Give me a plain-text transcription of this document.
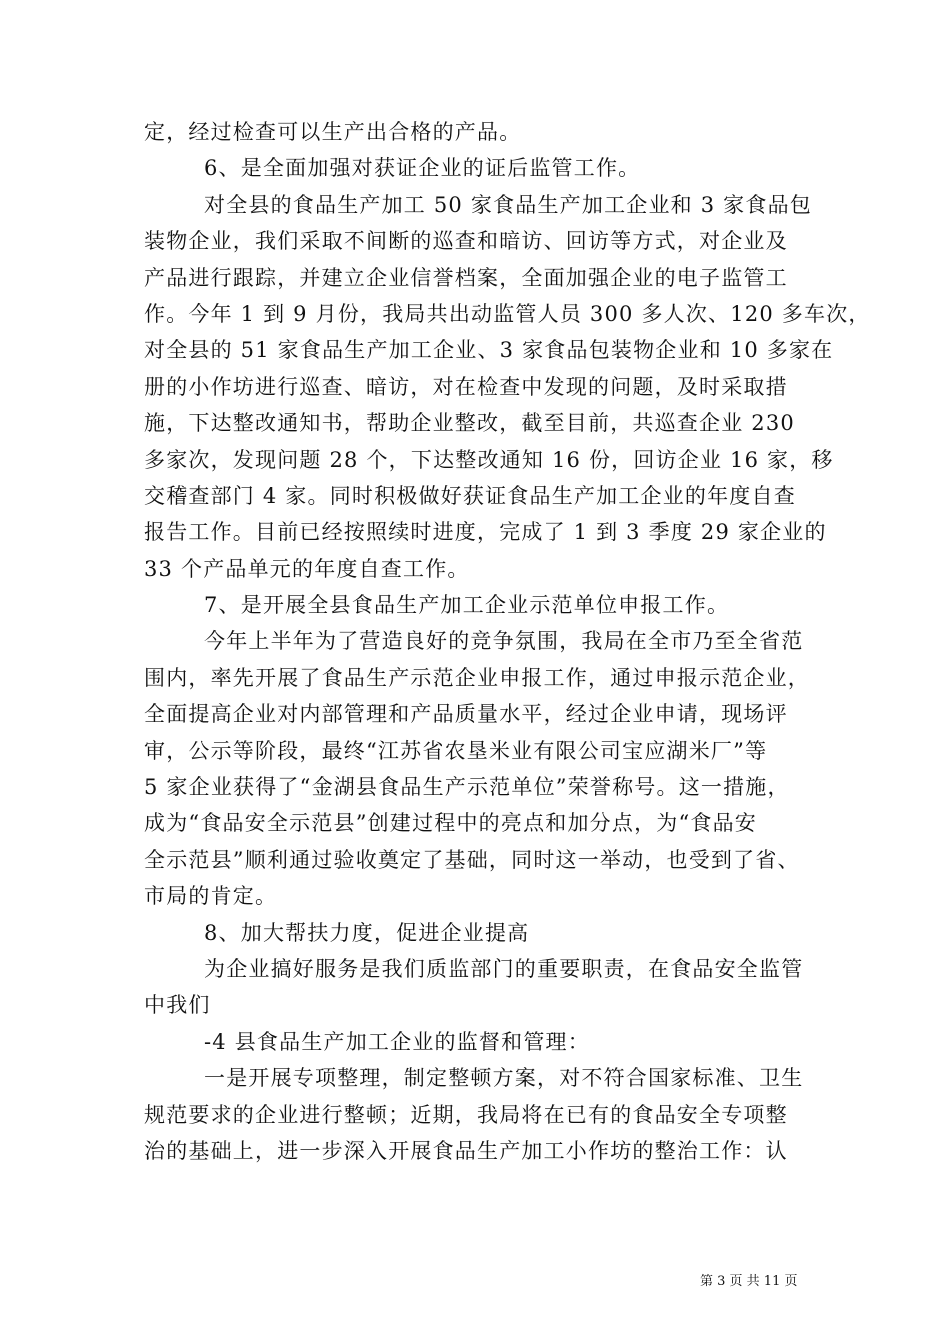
定，经过检查可以生产出合格的产品。
6、是全面加强对获证企业的证后监管工作。
对全县的食品生产加工 50 家食品生产加工企业和 3 家食品包
装物企业，我们采取不间断的巡查和暗访、回访等方式，对企业及
产品进行跟踪，并建立企业信誉档案，全面加强企业的电子监管工
作。今年 1 到 9 月份，我局共出动监管人员 300 多人次、120 多车次，
对全县的 51 家食品生产加工企业、3 家食品包装物企业和 10 多家在
册的小作坊进行巡查、暗访，对在检查中发现的问题，及时采取措
施，下达整改通知书，帮助企业整改，截至目前，共巡查企业 230
多家次，发现问题 28 个，下达整改通知 16 份，回访企业 16 家，移
交稽查部门 4 家。同时积极做好获证食品生产加工企业的年度自查
报告工作。目前已经按照续时进度，完成了 1 到 3 季度 29 家企业的
33 个产品单元的年度自查工作。
7、是开展全县食品生产加工企业示范单位申报工作。
今年上半年为了营造良好的竞争氛围，我局在全市乃至全省范
围内，率先开展了食品生产示范企业申报工作，通过申报示范企业，
全面提高企业对内部管理和产品质量水平，经过企业申请，现场评
审，公示等阶段，最终“江苏省农垦米业有限公司宝应湖米厂”等
5 家企业获得了“金湖县食品生产示范单位”荣誉称号。这一措施，
成为“食品安全示范县”创建过程中的亮点和加分点，为“食品安
全示范县”顺利通过验收奠定了基础，同时这一举动，也受到了省、
市局的肯定。
8、加大帮扶力度，促进企业提高
为企业搞好服务是我们质监部门的重要职责，在食品安全监管
中我们
-4 县食品生产加工企业的监督和管理：
一是开展专项整理，制定整顿方案，对不符合国家标准、卫生
规范要求的企业进行整顿；近期，我局将在已有的食品安全专项整
治的基础上，进一步深入开展食品生产加工小作坊的整治工作：认
第 3 页 共 11 页
